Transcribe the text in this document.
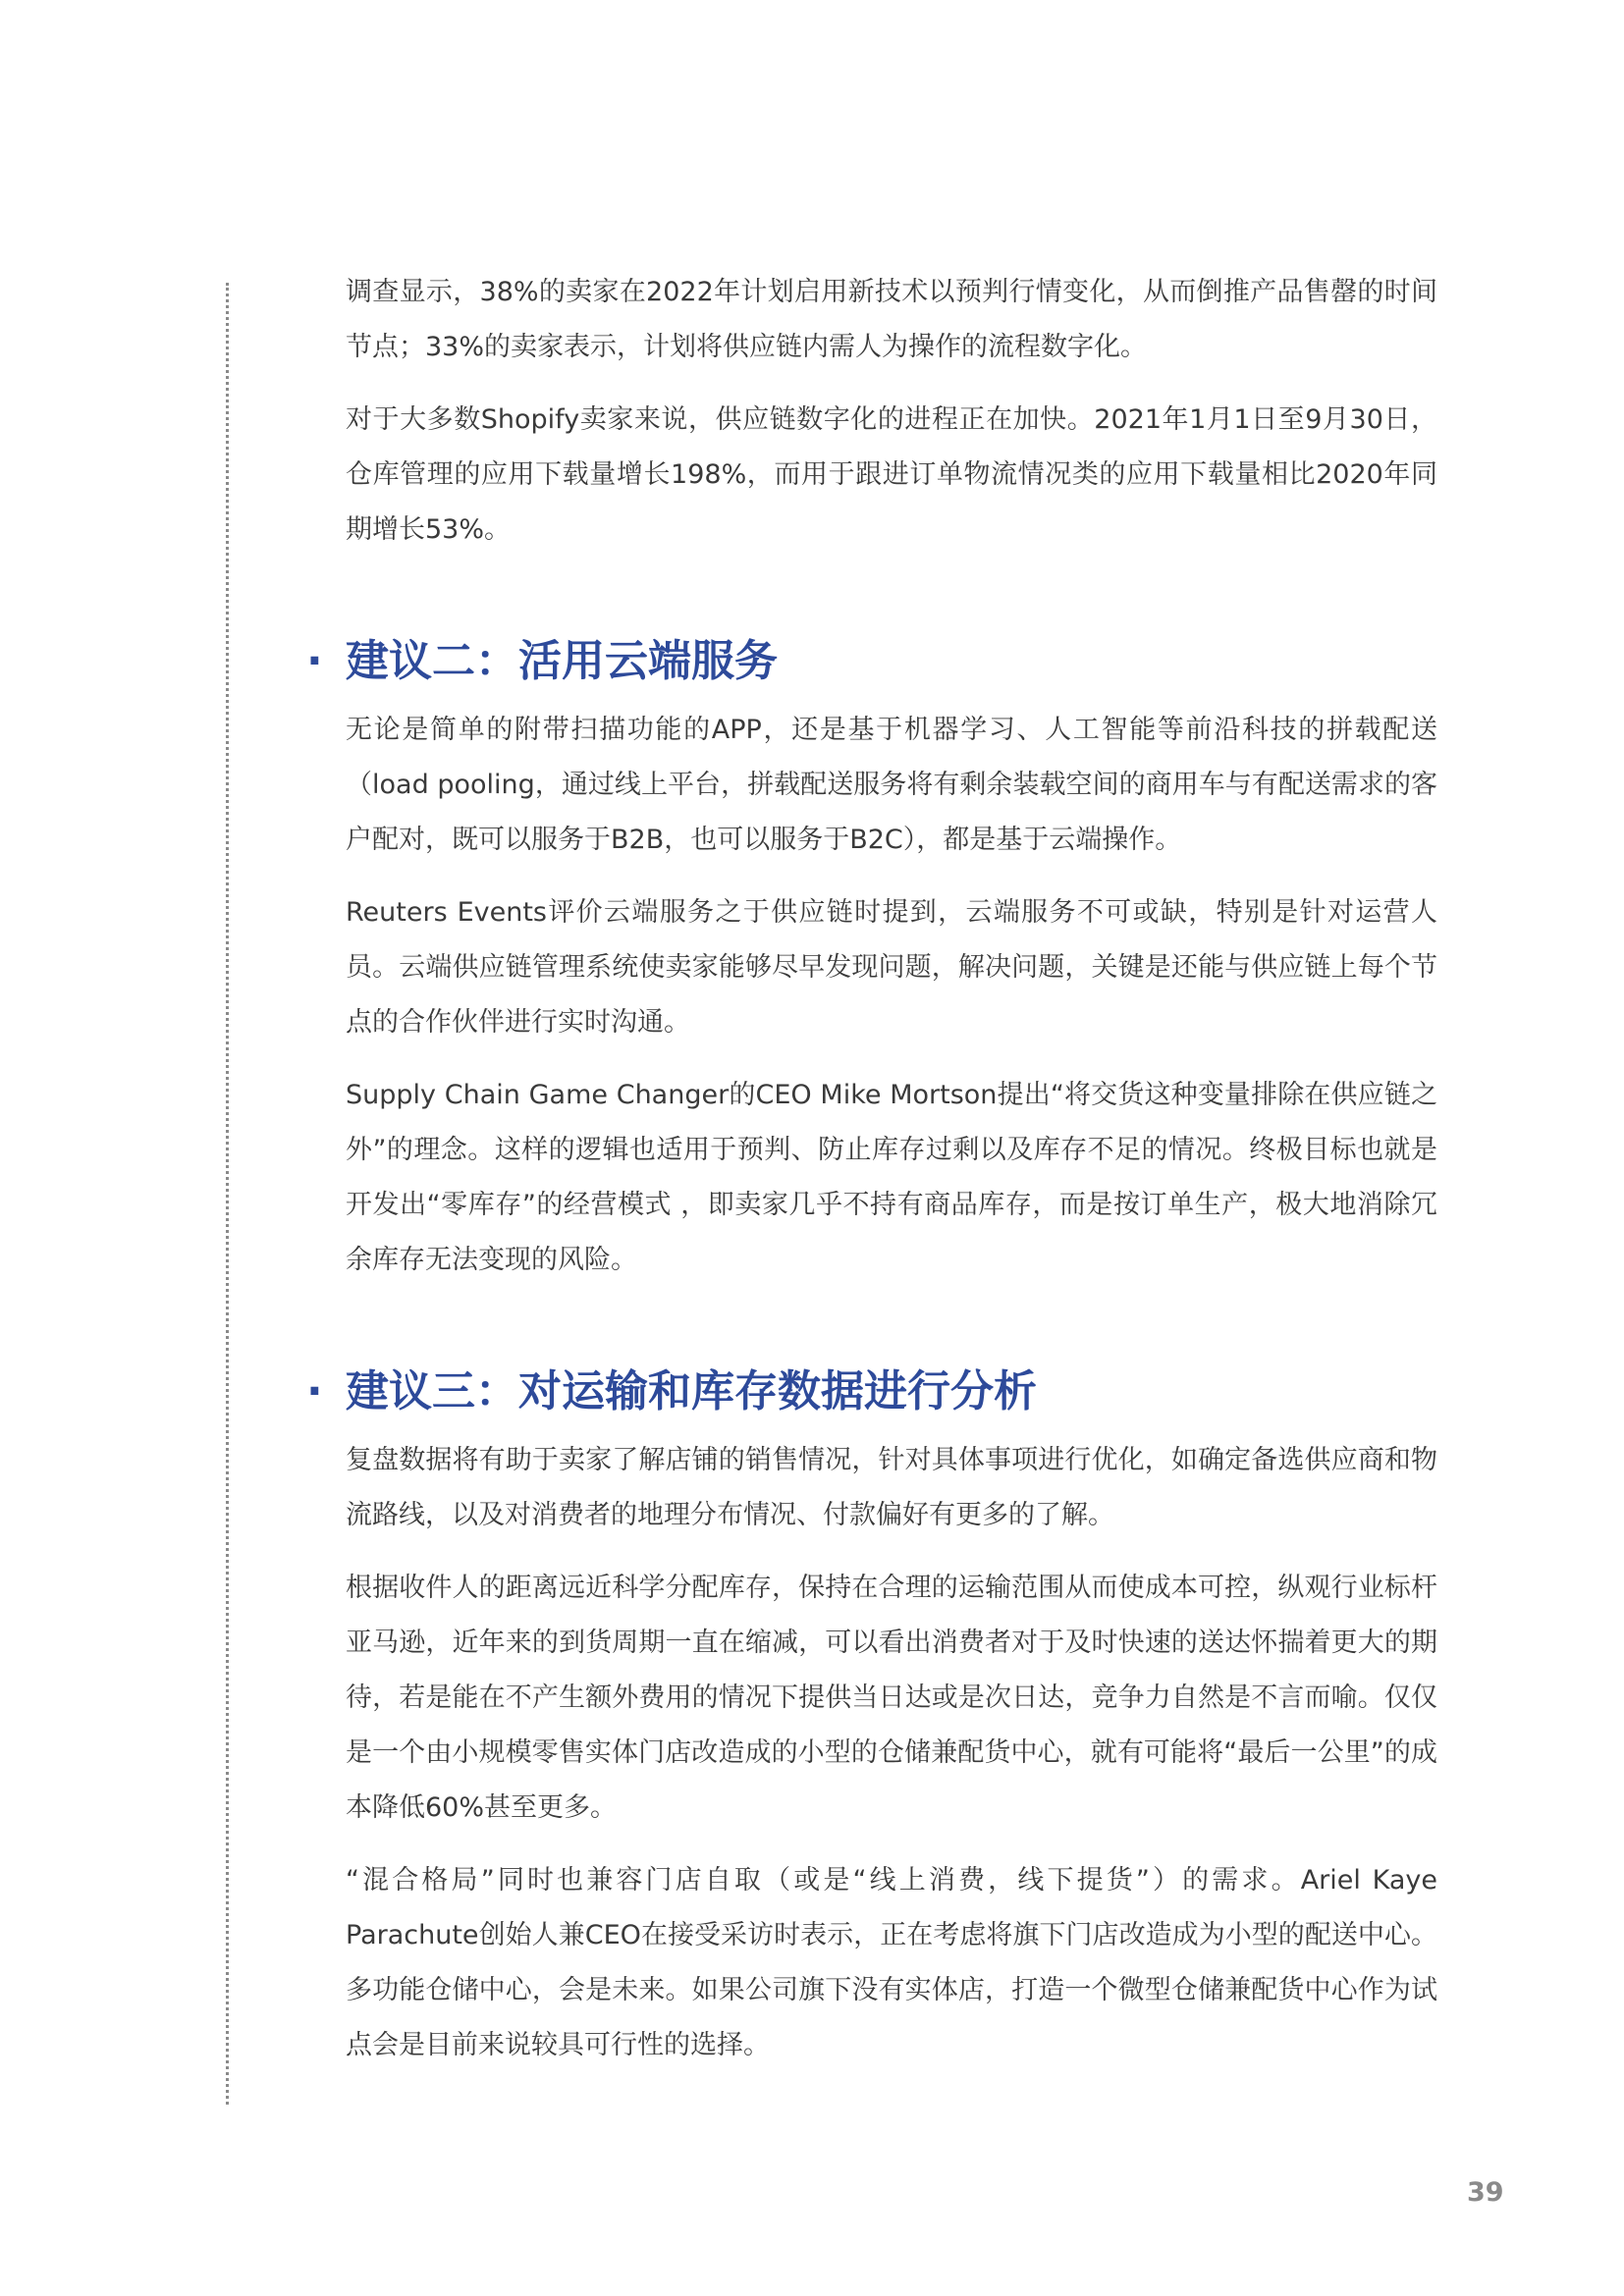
调查显示，38%的卖家在2022年计划启用新技术以预判行情变化，从而倒推产品售罄的时间节点；33%的卖家表示，计划将供应链内需人为操作的流程数字化。

对于大多数Shopify卖家来说，供应链数字化的进程正在加快。2021年1月1日至9月30日，仓库管理的应用下载量增长198%，而用于跟进订单物流情况类的应用下载量相比2020年同期增长53%。

· 建议二：活用云端服务

无论是简单的附带扫描功能的APP，还是基于机器学习、人工智能等前沿科技的拼载配送（load pooling，通过线上平台，拼载配送服务将有剩余装载空间的商用车与有配送需求的客户配对，既可以服务于B2B，也可以服务于B2C），都是基于云端操作。

Reuters Events评价云端服务之于供应链时提到，云端服务不可或缺，特别是针对运营人员。云端供应链管理系统使卖家能够尽早发现问题，解决问题，关键是还能与供应链上每个节点的合作伙伴进行实时沟通。

Supply Chain Game Changer的CEO Mike Mortson提出“将交货这种变量排除在供应链之外”的理念。这样的逻辑也适用于预判、防止库存过剩以及库存不足的情况。终极目标也就是开发出“零库存”的经营模式 ，即卖家几乎不持有商品库存，而是按订单生产，极大地消除冗余库存无法变现的风险。

· 建议三：对运输和库存数据进行分析

复盘数据将有助于卖家了解店铺的销售情况，针对具体事项进行优化，如确定备选供应商和物流路线，以及对消费者的地理分布情况、付款偏好有更多的了解。

根据收件人的距离远近科学分配库存，保持在合理的运输范围从而使成本可控，纵观行业标杆亚马逊，近年来的到货周期一直在缩减，可以看出消费者对于及时快速的送达怀揣着更大的期待，若是能在不产生额外费用的情况下提供当日达或是次日达，竞争力自然是不言而喻。仅仅是一个由小规模零售实体门店改造成的小型的仓储兼配货中心，就有可能将“最后一公里”的成本降低60%甚至更多。

“混合格局”同时也兼容门店自取（或是“线上消费，线下提货”）的需求。Ariel Kaye Parachute创始人兼CEO在接受采访时表示，正在考虑将旗下门店改造成为小型的配送中心。多功能仓储中心，会是未来。如果公司旗下没有实体店，打造一个微型仓储兼配货中心作为试点会是目前来说较具可行性的选择。

39
